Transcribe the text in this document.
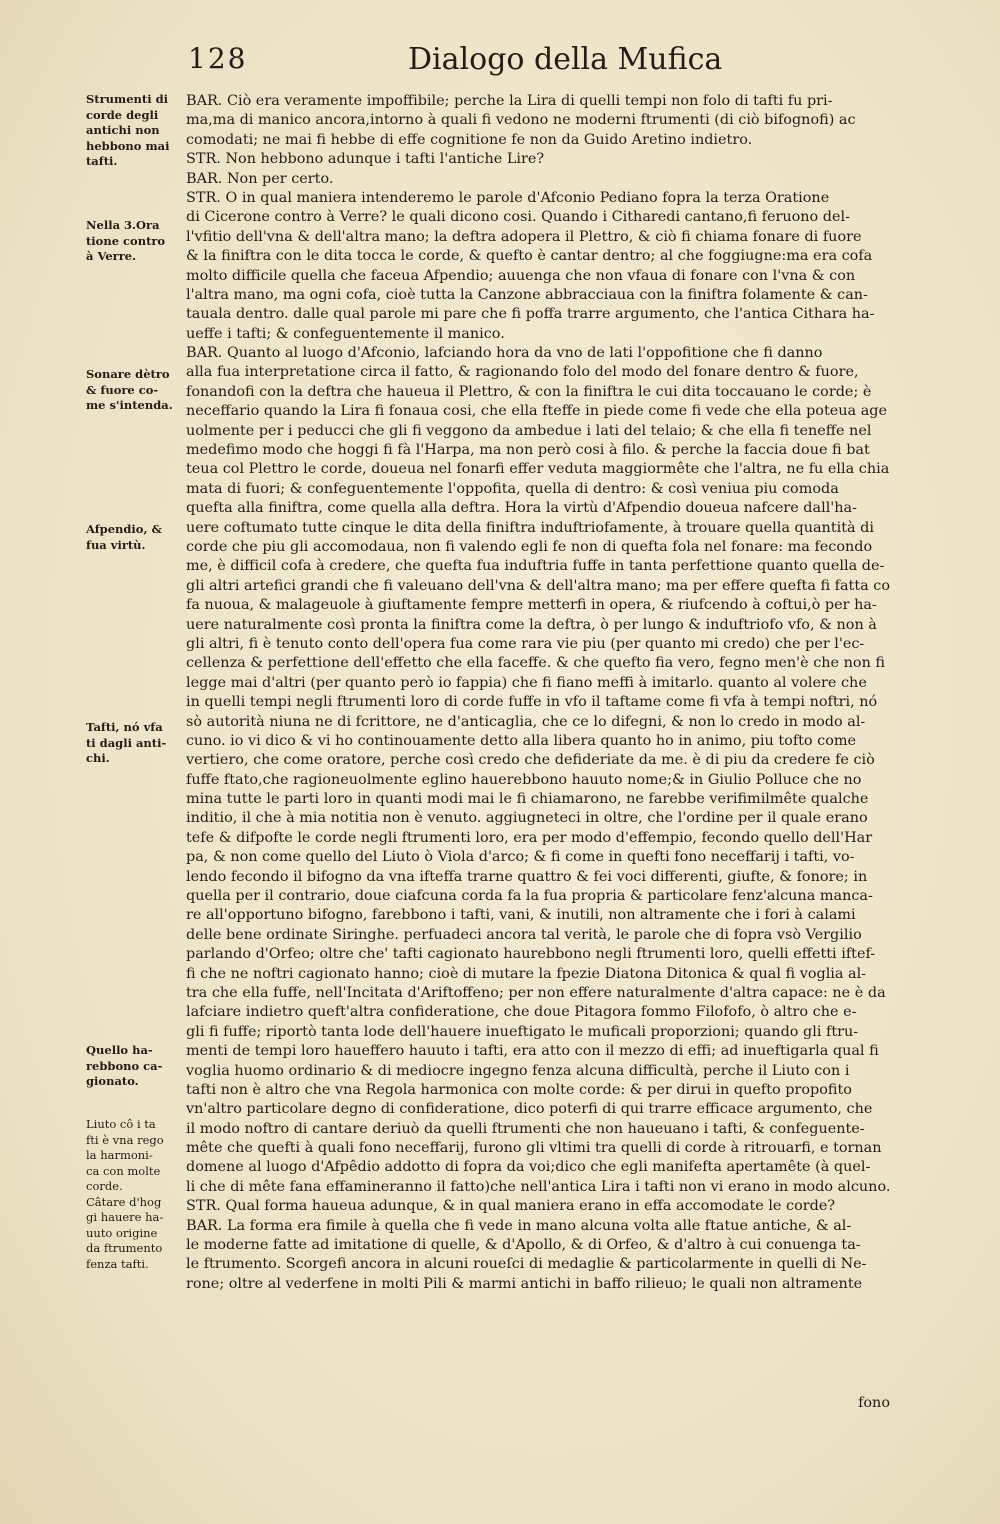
128	Dialogo della Mufica
Strumenti di
corde degli
antichi non
hebbono mai
tafti.
Nella 3.Ora
tione contro
à Verre.
Sonare dètro
& fuore co-
me s'intenda.
Afpendio, &
fua virtù.
Tafti, nó vfa
ti dagli anti-
chi.
Quello ha-
rebbono ca-
gionato.
Liuto cô i ta
fti è vna rego
la harmoni-
ca con molte
corde.
Câtare d'hog
gi hauere ha-
uuto origine
da ftrumento
fenza tafti.
BAR. Ciò era veramente impoffibile; perche la Lira di quelli tempi non folo di tafti fu pri-
ma,ma di manico ancora,intorno à quali fi vedono ne moderni ftrumenti (di ciò bifognofi) ac
comodati; ne mai fi hebbe di effe cognitione fe non da Guido Aretino indietro.
STR. Non hebbono adunque i tafti l'antiche Lire?
BAR. Non per certo.
STR. O in qual maniera intenderemo le parole d'Afconio Pediano fopra la terza Oratione
di Cicerone contro à Verre? le quali dicono cosi. Quando i Citharedi cantano,fi feruono del-
l'vfitio dell'vna & dell'altra mano; la deftra adopera il Plettro, & ciò fi chiama fonare di fuore
& la finiftra con le dita tocca le corde, & quefto è cantar dentro; al che foggiugne:ma era cofa
molto difficile quella che faceua Afpendio; auuenga che non vfaua di fonare con l'vna & con
l'altra mano, ma ogni cofa, cioè tutta la Canzone abbracciaua con la finiftra folamente & can-
tauala dentro. dalle qual parole mi pare che fi poffa trarre argumento, che l'antica Cithara ha-
ueffe i tafti; & confeguentemente il manico.
BAR. Quanto al luogo d'Afconio, lafciando hora da vno de lati l'oppofitione che fi danno
alla fua interpretatione circa il fatto, & ragionando folo del modo del fonare dentro & fuore,
fonandofi con la deftra che haueua il Plettro, & con la finiftra le cui dita toccauano le corde; è
neceffario quando la Lira fi fonaua cosi, che ella fteffe in piede come fi vede che ella poteua age
uolmente per i peducci che gli fi veggono da ambedue i lati del telaio; & che ella fi teneffe nel
medefimo modo che hoggi fi fà l'Harpa, ma non però cosi à filo. & perche la faccia doue fi bat
teua col Plettro le corde, doueua nel fonarfi effer veduta maggiormête che l'altra, ne fu ella chia
mata di fuori; & confeguentemente l'oppofita, quella di dentro: & così veniua piu comoda
quefta alla finiftra, come quella alla deftra. Hora la virtù d'Afpendio doueua nafcere dall'ha-
uere coftumato tutte cinque le dita della finiftra induftriofamente, à trouare quella quantità di
corde che piu gli accomodaua, non fi valendo egli fe non di quefta fola nel fonare: ma fecondo
me, è difficil cofa à credere, che quefta fua induftria fuffe in tanta perfettione quanto quella de-
gli altri artefici grandi che fi valeuano dell'vna & dell'altra mano; ma per effere quefta fi fatta co
fa nuoua, & malageuole à giuftamente fempre metterfi in opera, & riufcendo à coftui,ò per ha-
uere naturalmente così pronta la finiftra come la deftra, ò per lungo & induftriofo vfo, & non à
gli altri, fi è tenuto conto dell'opera fua come rara vie piu (per quanto mi credo) che per l'ec-
cellenza & perfettione dell'effetto che ella faceffe. & che quefto fia vero, fegno men'è che non fi
legge mai d'altri (per quanto però io fappia) che fi fiano meffi à imitarlo. quanto al volere che
in quelli tempi negli ftrumenti loro di corde fuffe in vfo il taftame come fi vfa à tempi noftri, nó
sò autorità niuna ne di fcrittore, ne d'anticaglia, che ce lo difegni, & non lo credo in modo al-
cuno. io vi dico & vi ho continouamente detto alla libera quanto ho in animo, piu tofto come
vertiero, che come oratore, perche così credo che defideriate da me. è di piu da credere fe ciò
fuffe ftato,che ragioneuolmente eglino hauerebbono hauuto nome;& in Giulio Polluce che no
mina tutte le parti loro in quanti modi mai le fi chiamarono, ne farebbe verifimilmête qualche
inditio, il che à mia notitia non è venuto. aggiugneteci in oltre, che l'ordine per il quale erano
tefe & difpofte le corde negli ftrumenti loro, era per modo d'effempio, fecondo quello dell'Har
pa, & non come quello del Liuto ò Viola d'arco; & fi come in quefti fono neceffarij i tafti, vo-
lendo fecondo il bifogno da vna ifteffa trarne quattro & fei voci differenti, giufte, & fonore; in
quella per il contrario, doue ciafcuna corda fa la fua propria & particolare fenz'alcuna manca-
re all'opportuno bifogno, farebbono i tafti, vani, & inutili, non altramente che i fori à calami
delle bene ordinate Siringhe. perfuadeci ancora tal verità, le parole che di fopra vsò Vergilio
parlando d'Orfeo; oltre che' tafti cagionato haurebbono negli ftrumenti loro, quelli effetti iftef-
fi che ne noftri cagionato hanno; cioè di mutare la fpezie Diatona Ditonica & qual fi voglia al-
tra che ella fuffe, nell'Incitata d'Ariftoffeno; per non effere naturalmente d'altra capace: ne è da
lafciare indietro queft'altra confideratione, che doue Pitagora fommo Filofofo, ò altro che e-
gli fi fuffe; riportò tanta lode dell'hauere inueftigato le muficali proporzioni; quando gli ftru-
menti de tempi loro haueffero hauuto i tafti, era atto con il mezzo di effi; ad inueftigarla qual fi
voglia huomo ordinario & di mediocre ingegno fenza alcuna difficultà, perche il Liuto con i
tafti non è altro che vna Regola harmonica con molte corde: & per dirui in quefto propofito
vn'altro particolare degno di confideratione, dico poterfi di qui trarre efficace argumento, che
il modo noftro di cantare deriuò da quelli ftrumenti che non haueuano i tafti, & confeguente-
mête che quefti à quali fono neceffarij, furono gli vltimi tra quelli di corde à ritrouarfi, e tornan
domene al luogo d'Afpêdio addotto di fopra da voi;dico che egli manifefta apertamête (à quel-
li che di mête fana effamineranno il fatto)che nell'antica Lira i tafti non vi erano in modo alcuno.
STR. Qual forma haueua adunque, & in qual maniera erano in effa accomodate le corde?
BAR. La forma era fimile à quella che fi vede in mano alcuna volta alle ftatue antiche, & al-
le moderne fatte ad imitatione di quelle, & d'Apollo, & di Orfeo, & d'altro à cui conuenga ta-
le ftrumento. Scorgefi ancora in alcuni roueſci di medaglie & particolarmente in quelli di Ne-
rone; oltre al vederfene in molti Pili & marmi antichi in baffo rilieuo; le quali non altramente
fono
